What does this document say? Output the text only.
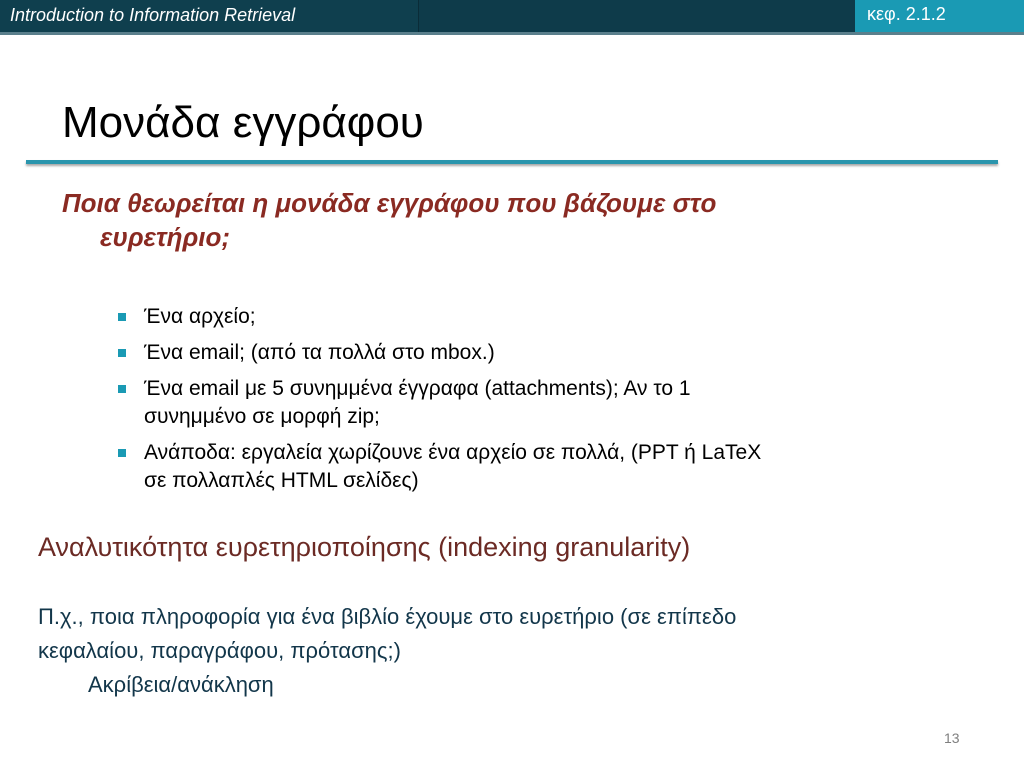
Introduction to Information Retrieval	κεφ. 2.1.2
Μονάδα εγγράφου
Ποια θεωρείται η μονάδα εγγράφου που βάζουμε στο
ευρετήριο;
Ένα αρχείο;
Ένα email; (από τα πολλά στο mbox.)
Ένα email με 5 συνημμένα έγγραφα (attachments); Αν το 1
συνημμένο σε μορφή zip;
Ανάποδα: εργαλεία χωρίζουνε ένα αρχείο σε πολλά, (PPT ή LaTeX
σε πολλαπλές HTML σελίδες)
Αναλυτικότητα ευρετηριοποίησης (indexing granularity)
Π.χ., ποια πληροφορία για ένα βιβλίο έχουμε στο ευρετήριο (σε επίπεδο
κεφαλαίου, παραγράφου, πρότασης;)
Ακρίβεια/ανάκληση
13
